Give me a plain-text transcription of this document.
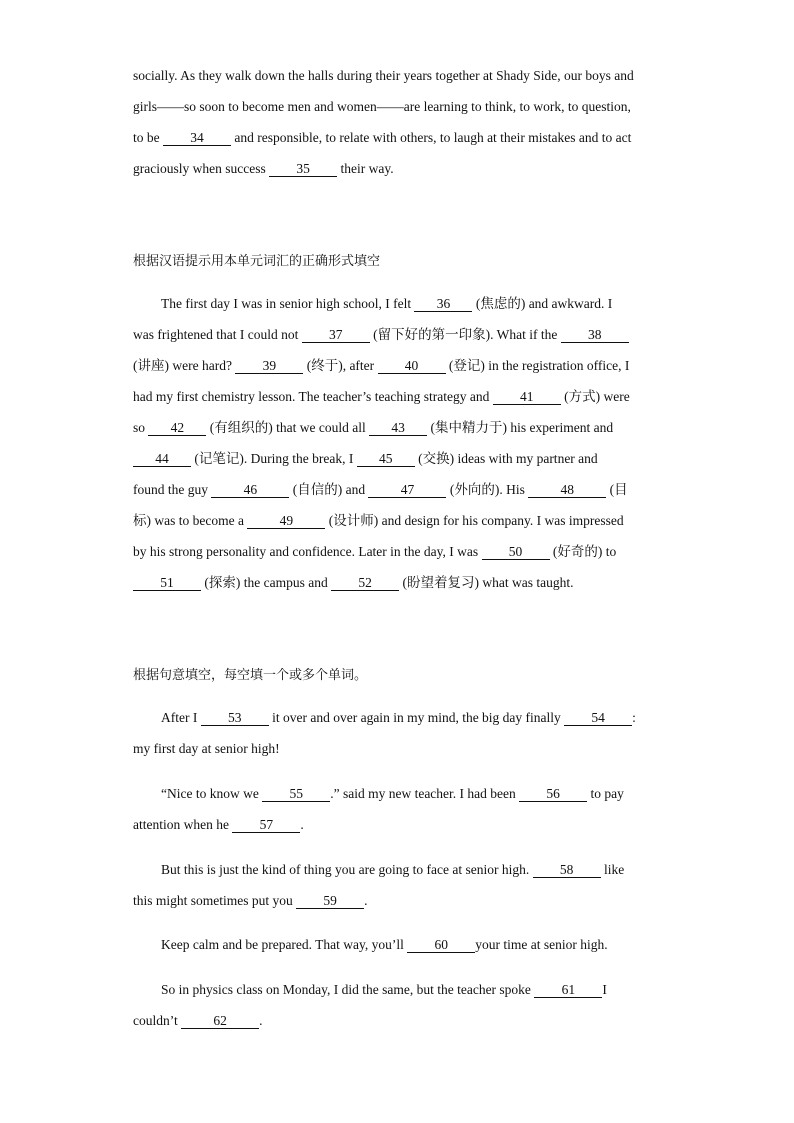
socially. As they walk down the halls during their years together at Shady Side, our boys and
girls——so soon to become men and women——are learning to think, to work, to question,
to be 34 and responsible, to relate with others, to laugh at their mistakes and to act
graciously when success 35 their way.
根据汉语提示用本单元词汇的正确形式填空
The first day I was in senior high school, I felt 36 (焦虑的) and awkward. I
was frightened that I could not 37 (留下好的第一印象). What if the 38
(讲座) were hard? 39 (终于), after 40 (登记) in the registration office, I
had my first chemistry lesson. The teacher’s teaching strategy and 41 (方式) were
so 42 (有组织的) that we could all 43 (集中精力于) his experiment and
44 (记笔记). During the break, I 45 (交换) ideas with my partner and
found the guy 46 (自信的) and 47 (外向的). His 48 (目
标) was to become a 49 (设计师) and design for his company. I was impressed
by his strong personality and confidence. Later in the day, I was 50 (好奇的) to
51 (探索) the campus and 52 (盼望着复习) what was taught.
根据句意填空，每空填一个或多个单词。
After I 53 it over and over again in my mind, the big day finally 54 :
my first day at senior high!
“Nice to know we 55 .” said my new teacher. I had been 56 to pay
attention when he 57 .
But this is just the kind of thing you are going to face at senior high. 58 like
this might sometimes put you 59 .
Keep calm and be prepared. That way, you’ll 60 your time at senior high.
So in physics class on Monday, I did the same, but the teacher spoke 61 I
couldn’t 62 .
